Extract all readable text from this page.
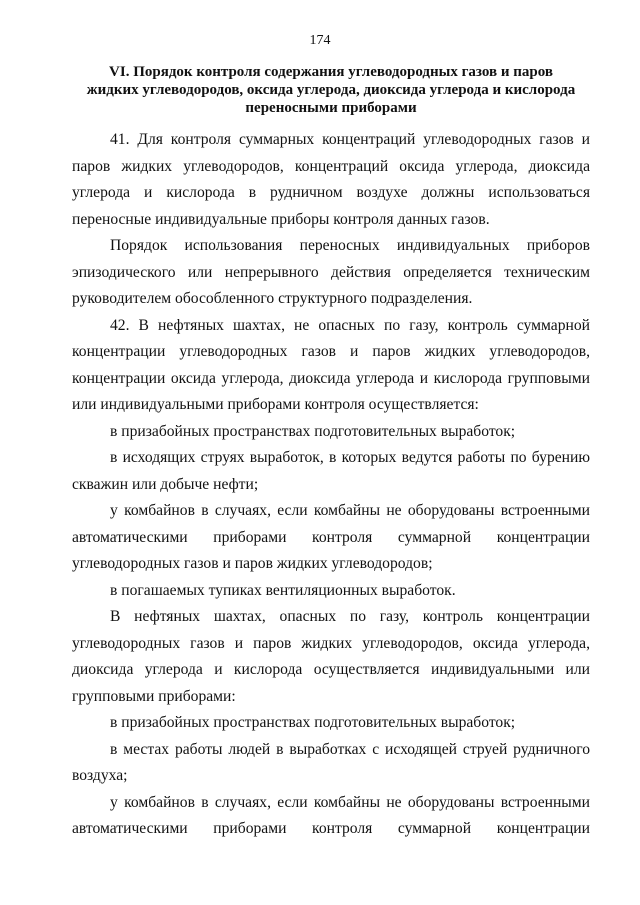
174
VI. Порядок контроля содержания углеводородных газов и паров
жидких углеводородов, оксида углерода, диоксида углерода и кислорода
переносными приборами

41. Для контроля суммарных концентраций углеводородных газов и паров жидких углеводородов, концентраций оксида углерода, диоксида углерода и кислорода в рудничном воздухе должны использоваться переносные индивидуальные приборы контроля данных газов.

Порядок использования переносных индивидуальных приборов эпизодического или непрерывного действия определяется техническим руководителем обособленного структурного подразделения.

42. В нефтяных шахтах, не опасных по газу, контроль суммарной концентрации углеводородных газов и паров жидких углеводородов, концентрации оксида углерода, диоксида углерода и кислорода групповыми или индивидуальными приборами контроля осуществляется:

в призабойных пространствах подготовительных выработок;

в исходящих струях выработок, в которых ведутся работы по бурению скважин или добыче нефти;

у комбайнов в случаях, если комбайны не оборудованы встроенными автоматическими приборами контроля суммарной концентрации углеводородных газов и паров жидких углеводородов;

в погашаемых тупиках вентиляционных выработок.

В нефтяных шахтах, опасных по газу, контроль концентрации углеводородных газов и паров жидких углеводородов, оксида углерода, диоксида углерода и кислорода осуществляется индивидуальными или групповыми приборами:

в призабойных пространствах подготовительных выработок;

в местах работы людей в выработках с исходящей струей рудничного воздуха;

у комбайнов в случаях, если комбайны не оборудованы встроенными

автоматическими приборами контроля суммарной концентрации
